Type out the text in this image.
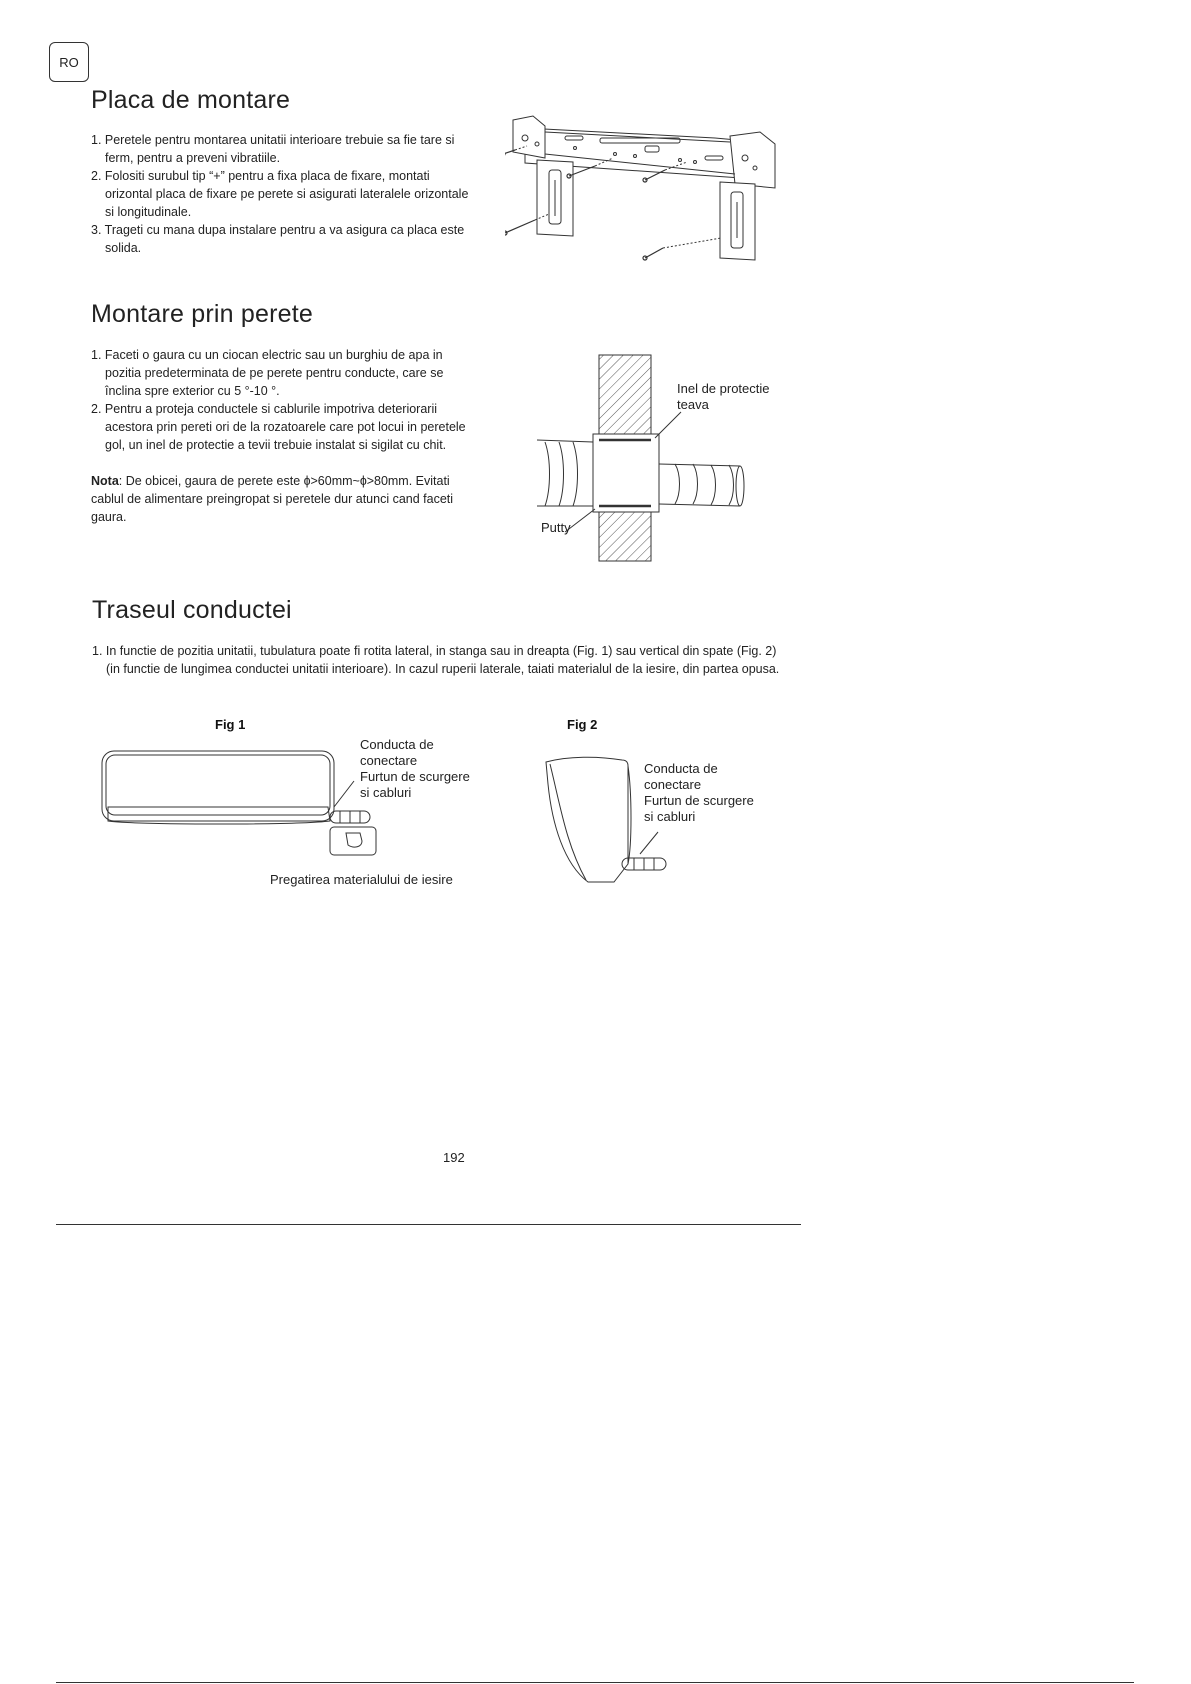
RO
Placa de montare
1. Peretele pentru montarea unitatii interioare trebuie sa fie tare si ferm, pentru a preveni vibratiile.
2. Folositi surubul tip “+” pentru a fixa placa de fixare, montati orizontal placa de fixare pe perete si asigurati lateralele orizontale si longitudinale.
3. Trageti cu mana dupa instalare pentru a va asigura ca placa este solida.
Montare prin perete
1. Faceti o gaura cu un ciocan electric sau un burghiu de apa in pozitia predeterminata de pe perete pentru conducte, care se înclina spre exterior cu 5 °-10 °.
2. Pentru a proteja conductele si cablurile impotriva deteriorarii acestora prin pereti ori de la rozatoarele care pot locui in peretele gol, un inel de protectie a tevii trebuie instalat si sigilat cu chit.

Nota: De obicei, gaura de perete este ɸ>60mm~ɸ>80mm. Evitati cablul de alimentare preingropat si peretele dur atunci cand faceti gaura.

Inel de protectie teava
Putty
Traseul conductei
1. In functie de pozitia unitatii, tubulatura poate fi rotita lateral, in stanga sau in dreapta (Fig. 1) sau vertical din spate (Fig. 2) (in functie de lungimea conductei unitatii interioare). In cazul ruperii laterale, taiati materialul de la iesire, din partea opusa.
Fig 1
Conducta de
conectare
Furtun de scurgere
si cabluri
Pregatirea materialului de iesire
Fig 2
Conducta de
conectare
Furtun de scurgere
si cabluri
192
